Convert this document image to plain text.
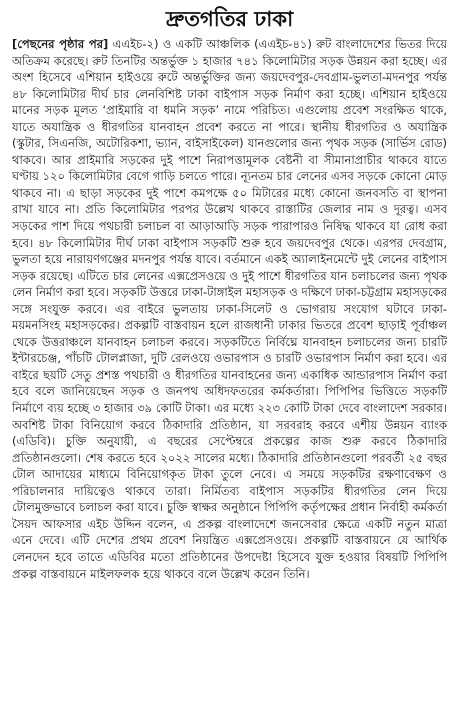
দ্রুতগতির ঢাকা

[পেছনের পৃষ্ঠার পর] এএইচ-২) ও একটি আঞ্চলিক (এএইচ-৪১) রুট বাংলাদেশের ভিতর দিয়ে অতিক্রম করেছে। রুট তিনটির অন্তর্ভুক্ত ১ হাজার ৭৪১ কিলোমিটার সড়ক উন্নয়ন করা হচ্ছে। এর অংশ হিসেবে এশিয়ান হাইওয়ে রুটে অন্তর্ভুক্তির জন্য জয়দেবপুর-দেবগ্রাম-ভুলতা-মদনপুর পর্যন্ত ৪৮ কিলোমিটার দীর্ঘ চার লেনবিশিষ্ট ঢাকা বাইপাস সড়ক নির্মাণ করা হচ্ছে। এশিয়ান হাইওয়ে মানের সড়ক মূলত ‘প্রাইমারি বা ধমনি সড়ক’ নামে পরিচিত। এগুলোয় প্রবেশ সংরক্ষিত থাকে, যাতে অযান্ত্রিক ও ধীরগতির যানবাহন প্রবেশ করতে না পারে। স্থানীয় ধীরগতির ও অযান্ত্রিক (স্কুটার, সিএনজি, অটোরিকশা, ভ্যান, বাইসাইকেল) যানগুলোর জন্য পৃথক সড়ক (সার্ভিস রোড) থাকবে। আর প্রাইমারি সড়কের দুই পাশে নিরাপত্তামূলক বেষ্টনী বা সীমানাপ্রাচীর থাকবে যাতে ঘণ্টায় ১২০ কিলোমিটার বেগে গাড়ি চলতে পারে। ন্যূনতম চার লেনের এসব সড়কে কোনো মোড় থাকবে না। এ ছাড়া সড়কের দুই পাশে কমপক্ষে ৫০ মিটারের মধ্যে কোনো জনবসতি বা স্থাপনা রাখা যাবে না। প্রতি কিলোমিটার পরপর উল্লেখ থাকবে রাস্তাটির জেলার নাম ও দূরত্ব। এসব সড়কের পাশ দিয়ে পথচারী চলাচল বা আড়াআড়ি সড়ক পারাপারও নিষিদ্ধ থাকবে যা রোধ করা হবে। ৪৮ কিলোমিটার দীর্ঘ ঢাকা বাইপাস সড়কটি শুরু হবে জয়দেবপুর থেকে। এরপর দেবগ্রাম, ভুলতা হয়ে নারায়ণগঞ্জের মদনপুর পর্যন্ত যাবে। বর্তমানে একই অ্যালাইনমেন্টে দুই লেনের বাইপাস সড়ক রয়েছে। এটিতে চার লেনের এক্সপ্রেসওয়ে ও দুই পাশে ধীরগতির যান চলাচলের জন্য পৃথক লেন নির্মাণ করা হবে। সড়কটি উত্তরে ঢাকা-টাঙ্গাইল মহাসড়ক ও দক্ষিণে ঢাকা-চট্টগ্রাম মহাসড়কের সঙ্গে সংযুক্ত করবে। এর বাইরে ভুলতায় ঢাকা-সিলেট ও ভোগরায় সংযোগ ঘটাবে ঢাকা-ময়মনসিংহ মহাসড়কের। প্রকল্পটি বাস্তবায়ন হলে রাজধানী ঢাকার ভিতরে প্রবেশ ছাড়াই পূর্বাঞ্চল থেকে উত্তরাঞ্চলে যানবাহন চলাচল করবে। সড়কটিতে নির্বিঘ্নে যানবাহন চলাচলের জন্য চারটি ইন্টারচেঞ্জ, পাঁচটি টোলপ্লাজা, দুটি রেলওয়ে ওভারপাস ও চারটি ওভারপাস নির্মাণ করা হবে। এর বাইরে ছয়টি সেতু প্রশস্ত পথচারী ও ধীরগতির যানবাহনের জন্য একাধিক আন্ডারপাস নির্মাণ করা হবে বলে জানিয়েছেন সড়ক ও জনপথ অধিদফতরের কর্মকর্তারা। পিপিপির ভিত্তিতে সড়কটি নির্মাণে ব্যয় হচ্ছে ৩ হাজার ৩৯ কোটি টাকা। এর মধ্যে ২২৩ কোটি টাকা দেবে বাংলাদেশ সরকার। অবশিষ্ট টাকা বিনিয়োগ করবে ঠিকাদারি প্রতিষ্ঠান, যা সরবরাহ করবে এশীয় উন্নয়ন ব্যাংক (এডিবি)। চুক্তি অনুযায়ী, এ বছরের সেপ্টেম্বরে প্রকল্পের কাজ শুরু করবে ঠিকাদারি প্রতিষ্ঠানগুলো। শেষ করতে হবে ২০২২ সালের মধ্যে। ঠিকাদারি প্রতিষ্ঠানগুলো পরবর্তী ২৫ বছর টোল আদায়ের মাধ্যমে বিনিয়োগকৃত টাকা তুলে নেবে। এ সময়ে সড়কটির রক্ষণাবেক্ষণ ও পরিচালনার দায়িত্বেও থাকবে তারা। নির্মিতব্য বাইপাস সড়কটির ধীরগতির লেন দিয়ে টোলমুক্তভাবে চলাচল করা যাবে। চুক্তি স্বাক্ষর অনুষ্ঠানে পিপিপি কর্তৃপক্ষের প্রধান নির্বাহী কর্মকর্তা সৈয়দ আফসার এইচ উদ্দিন বলেন, এ প্রকল্প বাংলাদেশে জনসেবার ক্ষেত্রে একটি নতুন মাত্রা এনে দেবে। এটি দেশের প্রথম প্রবেশ নিয়ন্ত্রিত এক্সপ্রেসওয়ে। প্রকল্পটি বাস্তবায়নে যে আর্থিক লেনদেন হবে তাতে এডিবির মতো প্রতিষ্ঠানের উপদেষ্টা হিসেবে যুক্ত হওয়ার বিষয়টি পিপিপি প্রকল্প বাস্তবায়নে মাইলফলক হয়ে থাকবে বলে উল্লেখ করেন তিনি।
